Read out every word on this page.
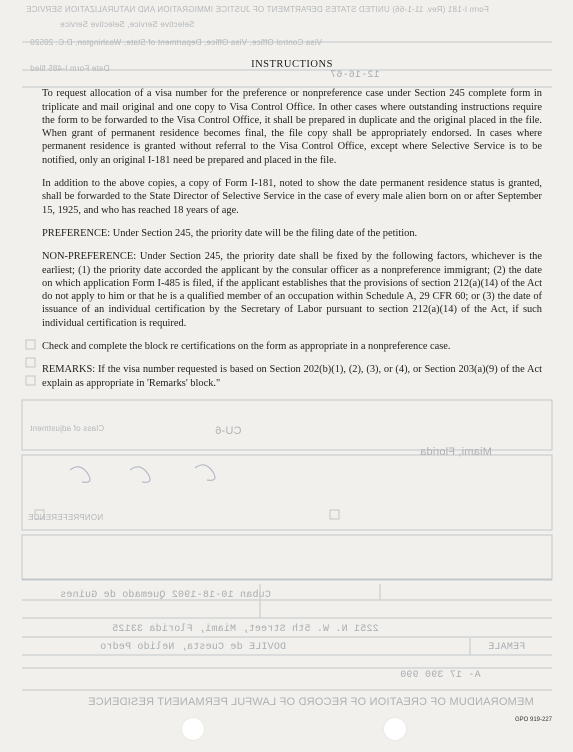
Form I-181 (Rev. 11-1-66) UNITED STATES DEPARTMENT OF JUSTICE IMMIGRATION AND NATURALIZATION SERVICE
Selective Service, Selective Service
Visa Control Office, Visa Office, Department of State, Washington, D.C. 20520
Date Form I-485 filed
12-16-67
Miami, Florida
Class of adjustment	CU-6
NONPREFERENCE
DOVILE de Cuesta, Nelido Pedro	FEMALE
2251 N. W. 5th Street, Miami, Florida 33125
Cuban 10-18-1902 Quemado de Guines
MEMORANDUM OF CREATION OF RECORD OF LAWFUL PERMANENT RESIDENCE
A- 17 390 990
INSTRUCTIONS

To request allocation of a visa number for the preference or nonpreference case under Section 245 complete form in triplicate and mail original and one copy to Visa Control Office. In other cases where outstanding instructions require the form to be forwarded to the Visa Control Office, it shall be prepared in duplicate and the original placed in the file. When grant of permanent residence becomes final, the file copy shall be appropriately endorsed. In cases where permanent residence is granted without referral to the Visa Control Office, except where Selective Service is to be notified, only an original I-181 need be prepared and placed in the file.

In addition to the above copies, a copy of Form I-181, noted to show the date permanent residence status is granted, shall be forwarded to the State Director of Selective Service in the case of every male alien born on or after September 15, 1925, and who has reached 18 years of age.

PREFERENCE: Under Section 245, the priority date will be the filing date of the petition.

NON-PREFERENCE: Under Section 245, the priority date shall be fixed by the following factors, whichever is the earliest; (1) the priority date accorded the applicant by the consular officer as a nonpreference immigrant; (2) the date on which application Form I-485 is filed, if the applicant establishes that the provisions of section 212(a)(14) of the Act do not apply to him or that he is a qualified member of an occupation within Schedule A, 29 CFR 60; or (3) the date of issuance of an individual certification by the Secretary of Labor pursuant to section 212(a)(14) of the Act, if such individual certification is required.

Check and complete the block re certifications on the form as appropriate in a nonpreference case.

REMARKS: If the visa number requested is based on Section 202(b)(1), (2), (3), or (4), or Section 203(a)(9) of the Act explain as appropriate in 'Remarks' block."

GPO 919-227
